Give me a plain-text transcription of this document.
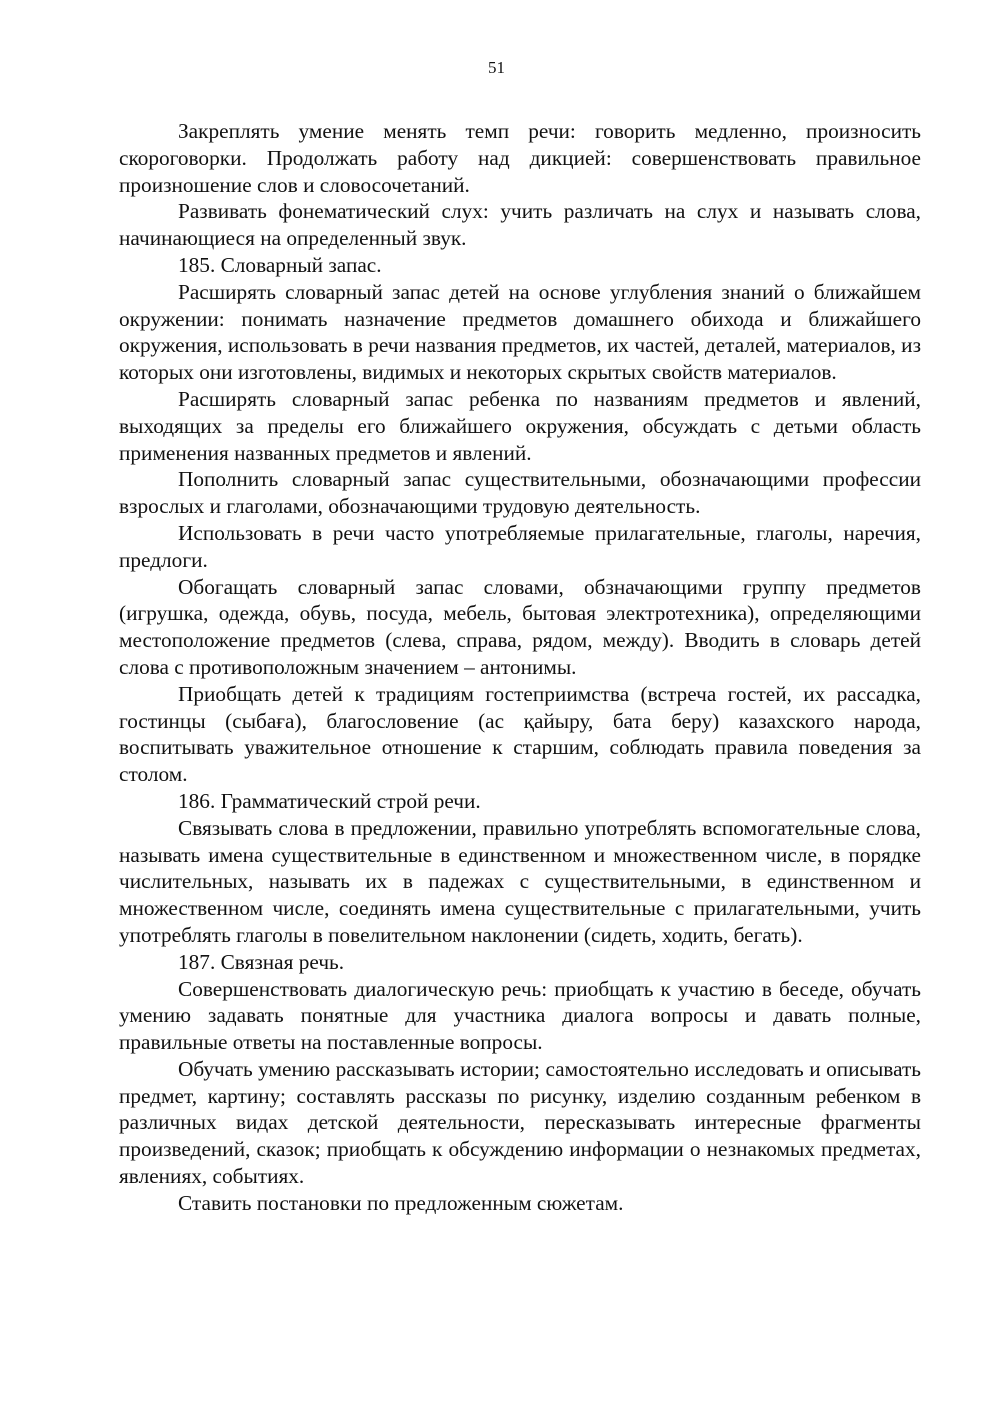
51

Закреплять умение менять темп речи: говорить медленно, произносить скороговорки. Продолжать работу над дикцией: совершенствовать правильное произношение слов и словосочетаний.

Развивать фонематический слух: учить различать на слух и называть слова, начинающиеся на определенный звук.

185. Словарный запас.

Расширять словарный запас детей на основе углубления знаний о ближайшем окружении: понимать назначение предметов домашнего обихода и ближайшего окружения, использовать в речи названия предметов, их частей, деталей, материалов, из которых они изготовлены, видимых и некоторых скрытых свойств материалов.

Расширять словарный запас ребенка по названиям предметов и явлений, выходящих за пределы его ближайшего окружения, обсуждать с детьми область применения названных предметов и явлений.

Пополнить словарный запас существительными, обозначающими профессии взрослых и глаголами, обозначающими трудовую деятельность.

Использовать в речи часто употребляемые прилагательные, глаголы, наречия, предлоги.

Обогащать словарный запас словами, обзначающими группу предметов (игрушка, одежда, обувь, посуда, мебель, бытовая электротехника), определяющими местоположение предметов (слева, справа, рядом, между). Вводить в словарь детей слова с противоположным значением – антонимы.

Приобщать детей к традициям гостеприимства (встреча гостей, их рассадка, гостинцы (сыбаға), благословение (ас қайыру, бата беру) казахского народа, воспитывать уважительное отношение к старшим, соблюдать правила поведения за столом.

186. Грамматический строй речи.

Связывать слова в предложении, правильно употреблять вспомогательные слова, называть имена существительные в единственном и множественном числе, в порядке числительных, называть их в падежах с существительными, в единственном и множественном числе, соединять имена существительные с прилагательными, учить употреблять глаголы в повелительном наклонении (сидеть, ходить, бегать).

187. Связная речь.

Совершенствовать диалогическую речь: приобщать к участию в беседе, обучать умению задавать понятные для участника диалога вопросы и давать полные, правильные ответы на поставленные вопросы.

Обучать умению рассказывать истории; самостоятельно исследовать и описывать предмет, картину; составлять рассказы по рисунку, изделию созданным ребенком в различных видах детской деятельности, пересказывать интересные фрагменты произведений, сказок; приобщать к обсуждению информации о незнакомых предметах, явлениях, событиях.

Ставить постановки по предложенным сюжетам.
